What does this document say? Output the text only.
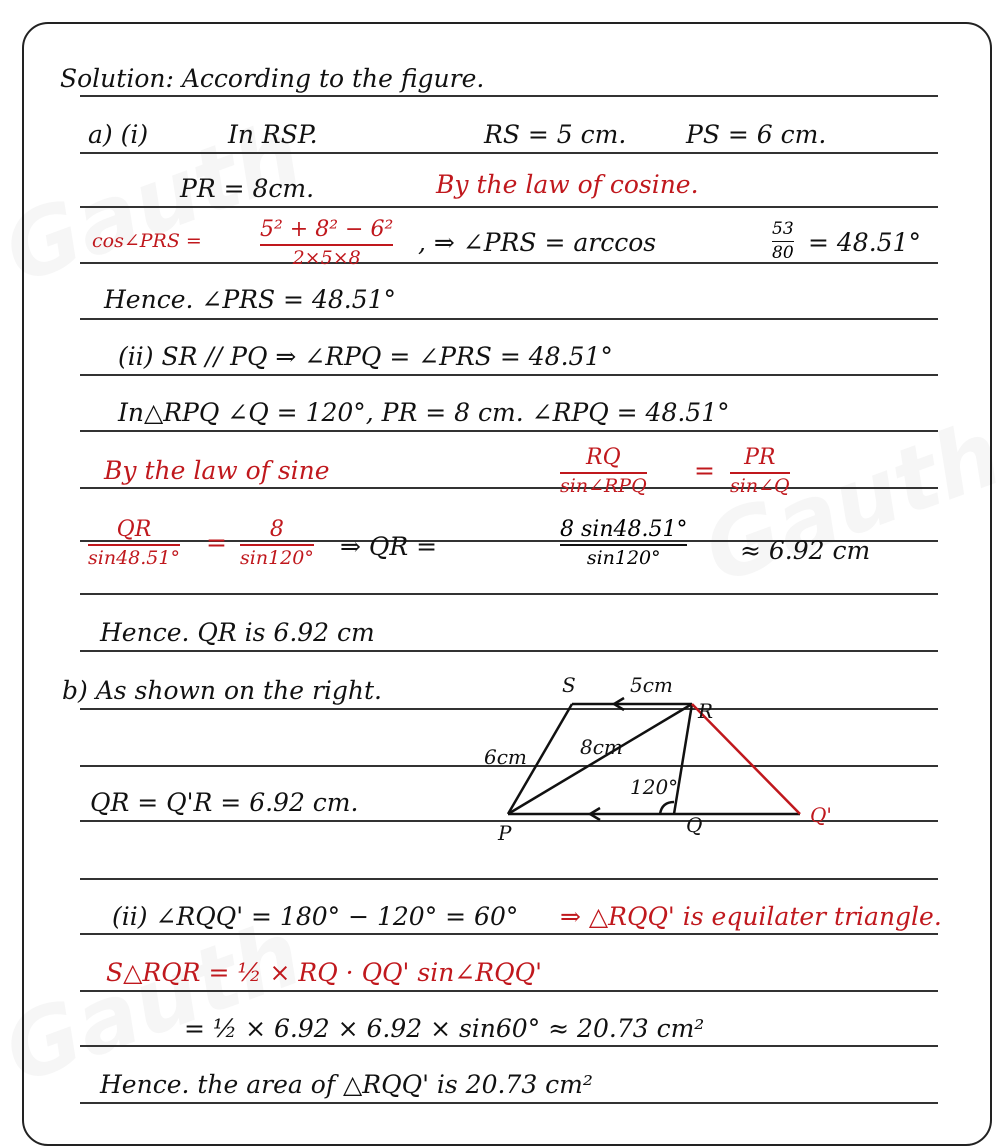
Solution: According to the figure.
a) (i)	In RSP.	RS = 5 cm. PS = 6 cm.
PR = 8cm.	By the law of cosine.
cos∠PRS =	5² + 8² − 6²
2×5×8
, ⇒ ∠PRS = arccos	53
80 = 48.51°
Hence. ∠PRS = 48.51°
(ii) SR // PQ ⇒ ∠RPQ = ∠PRS = 48.51°
In△RPQ ∠Q = 120°, PR = 8 cm. ∠RPQ = 48.51°
By the law of sine	RQ
sin∠RPQ
= PR
sin∠Q
QR
sin48.51°
= 8
sin120° ⇒ QR =
8 sin48.51°
sin120°	≈ 6.92 cm
Hence. QR is 6.92 cm
b) As shown on the right.
QR = Q'R = 6.92 cm.
S
R
P	Q	Q'
5cm
6cm	8cm
120°
(ii) ∠RQQ' = 180° − 120° = 60° ⇒ △RQQ' is equilater triangle.
S△RQR = ½ × RQ · QQ' sin∠RQQ'
= ½ × 6.92 × 6.92 × sin60° ≈ 20.73 cm²
Hence. the area of △RQQ' is 20.73 cm²
